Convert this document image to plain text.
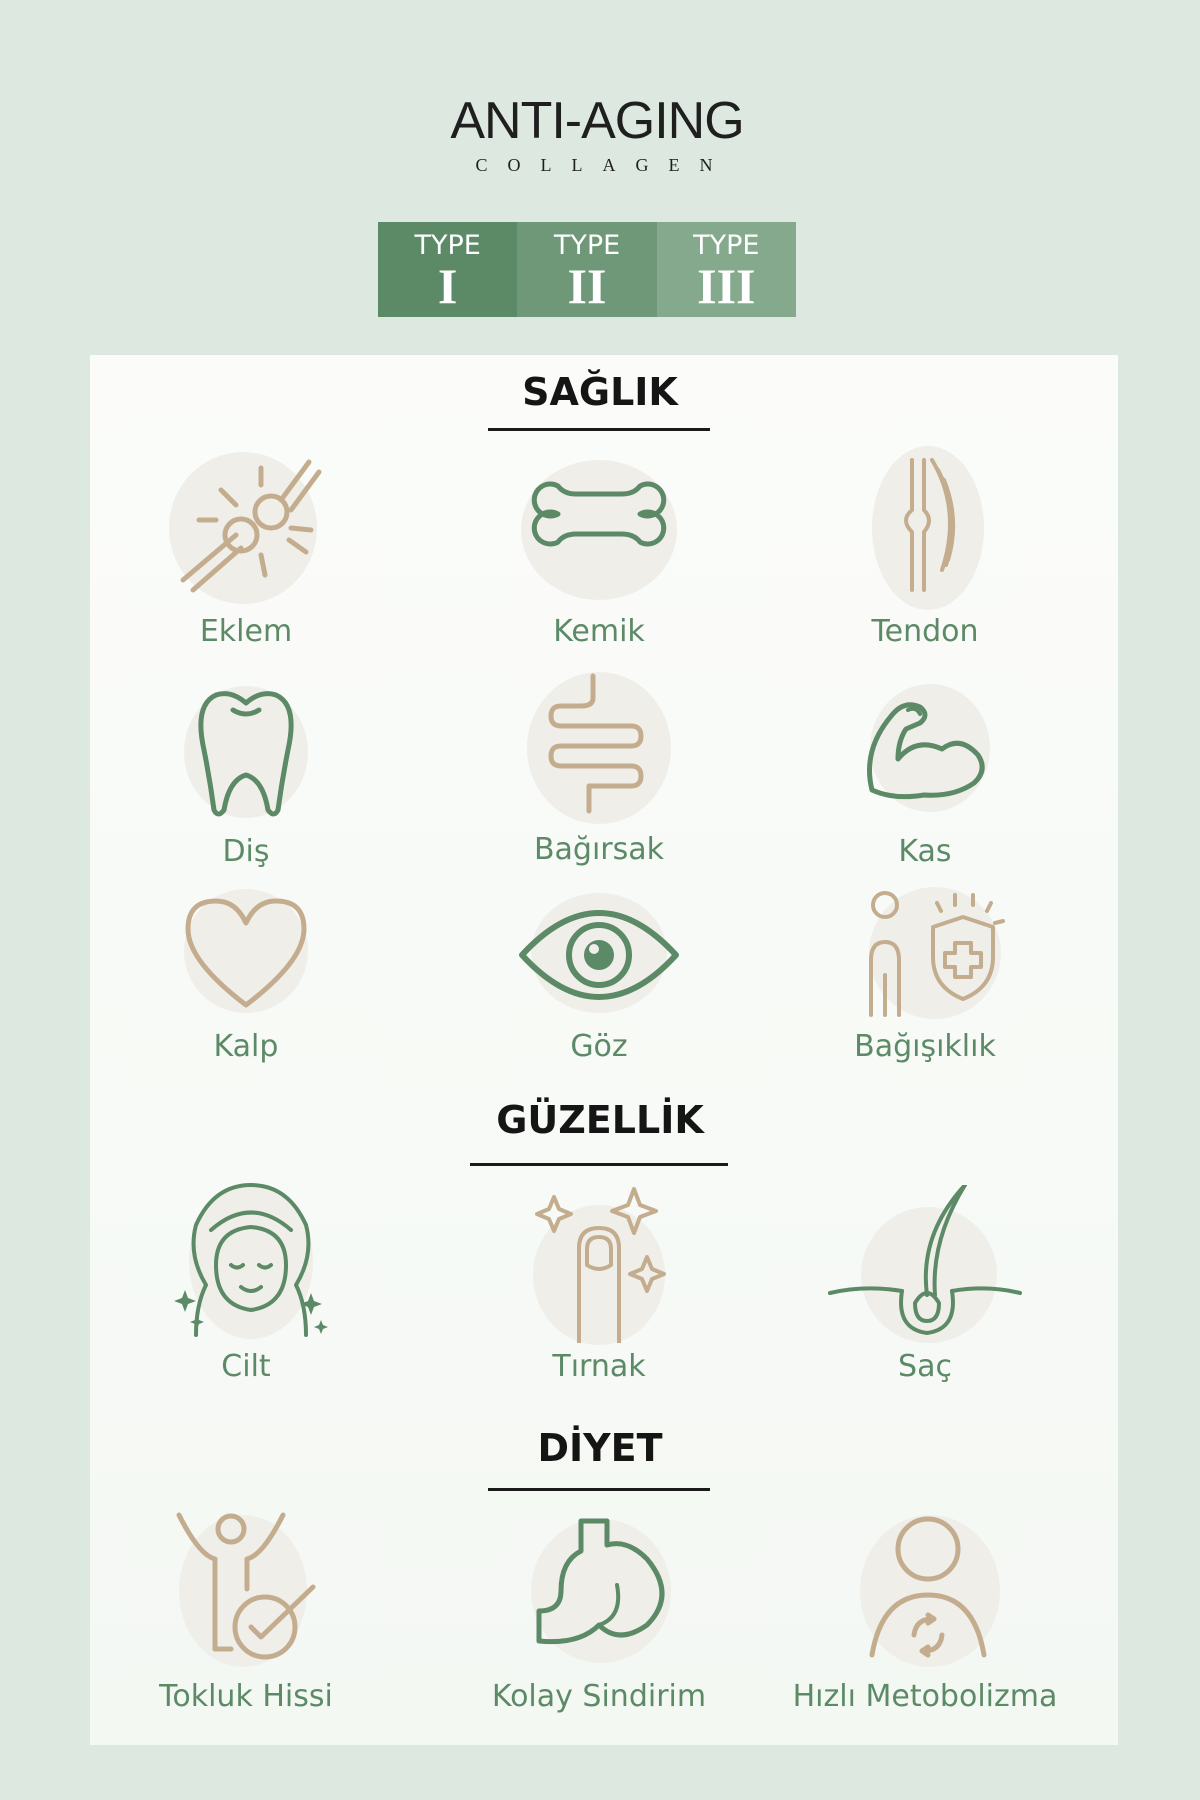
ANTI-AGING
COLLAGEN
TYPE
I
TYPE
II
TYPE
III
SAĞLIK
Eklem	Kemik	Tendon
Diş	Bağırsak	Kas
Kalp	Göz	Bağışıklık
GÜZELLİK
Cilt	Tırnak	Saç
DİYET
Tokluk Hissi	Kolay Sindirim	Hızlı Metobolizma
